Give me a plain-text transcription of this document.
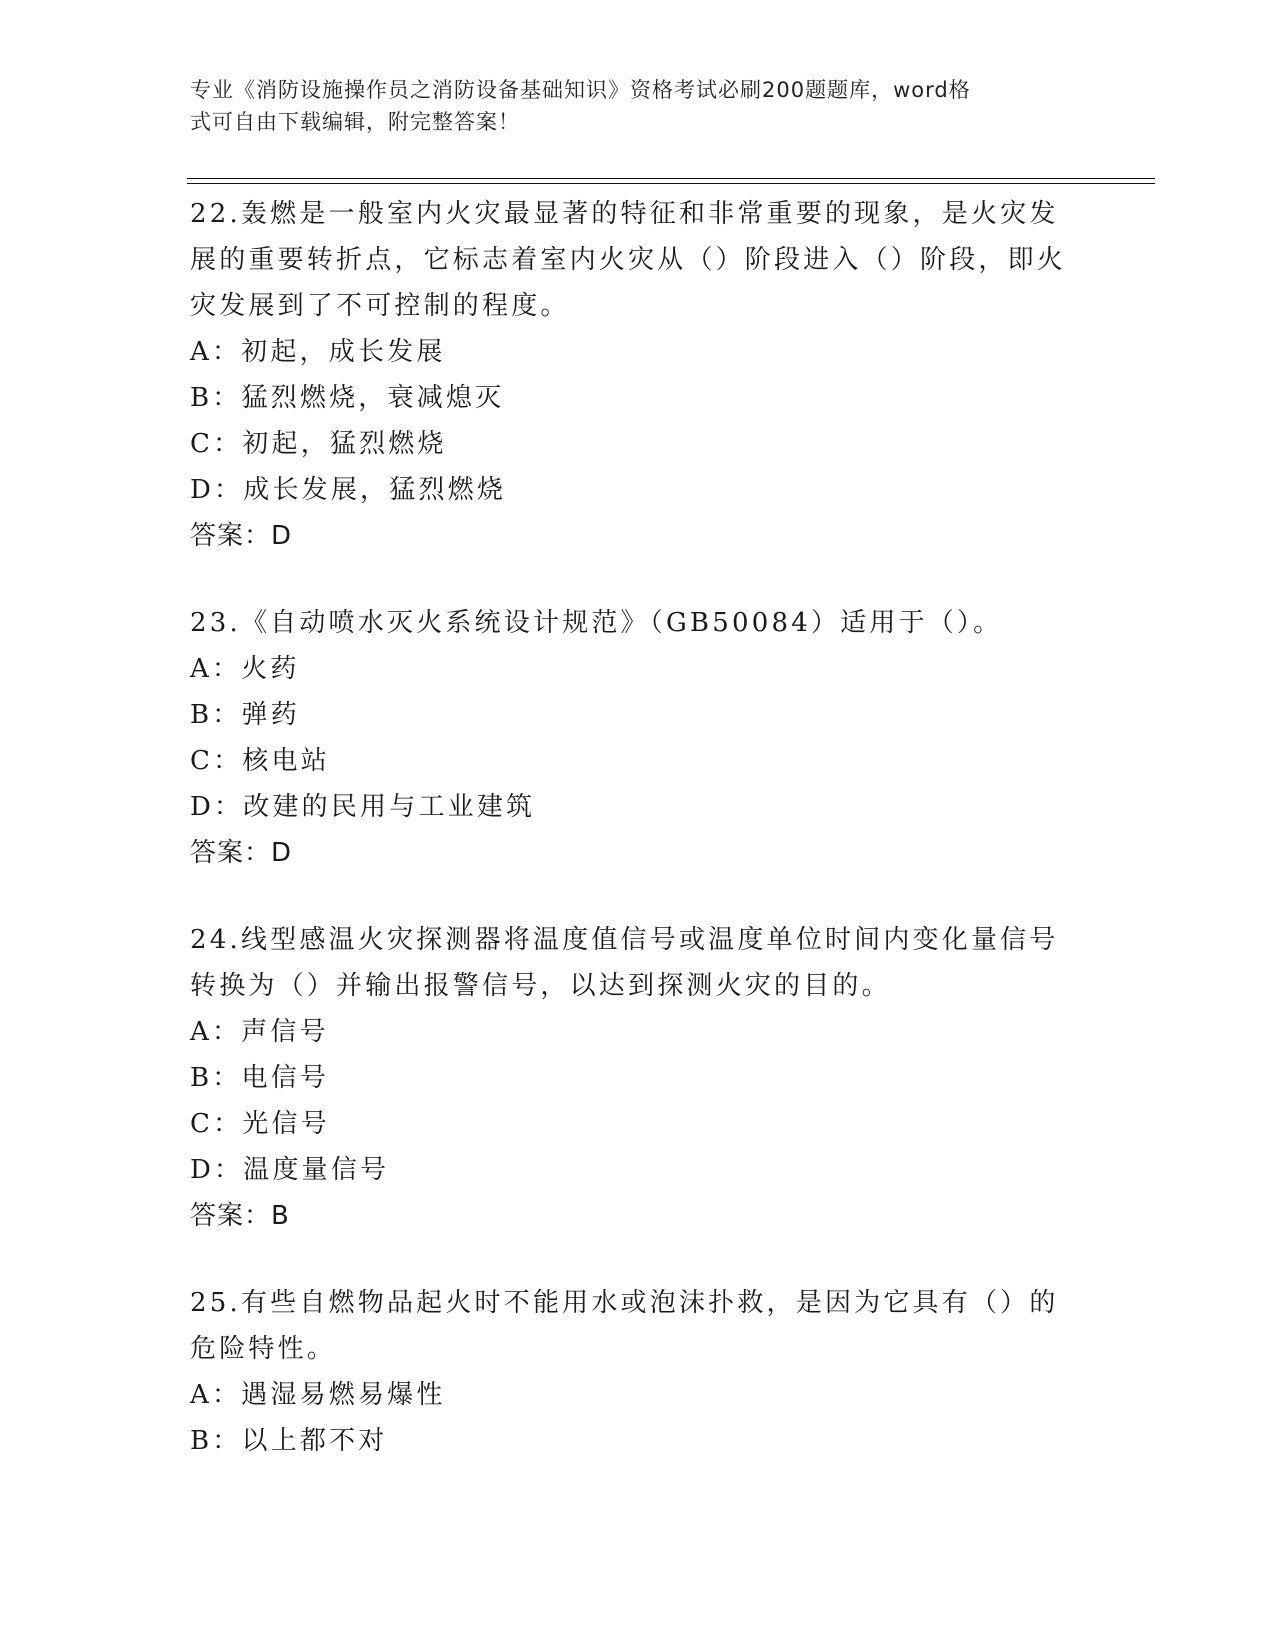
专业《消防设施操作员之消防设备基础知识》资格考试必刷200题题库，word格
式可自由下载编辑，附完整答案！

22.轰燃是一般室内火灾最显著的特征和非常重要的现象，是火灾发展的重要转折点，它标志着室内火灾从（）阶段进入（）阶段，即火灾发展到了不可控制的程度。

A：初起，成长发展
B：猛烈燃烧，衰减熄灭
C：初起，猛烈燃烧
D：成长发展，猛烈燃烧
答案：D

23.《自动喷水灭火系统设计规范》（GB50084）适用于（）。

A：火药
B：弹药
C：核电站
D：改建的民用与工业建筑
答案：D

24.线型感温火灾探测器将温度值信号或温度单位时间内变化量信号转换为（）并输出报警信号，以达到探测火灾的目的。

A：声信号
B：电信号
C：光信号
D：温度量信号
答案：B

25.有些自燃物品起火时不能用水或泡沫扑救，是因为它具有（）的危险特性。

A：遇湿易燃易爆性
B：以上都不对
